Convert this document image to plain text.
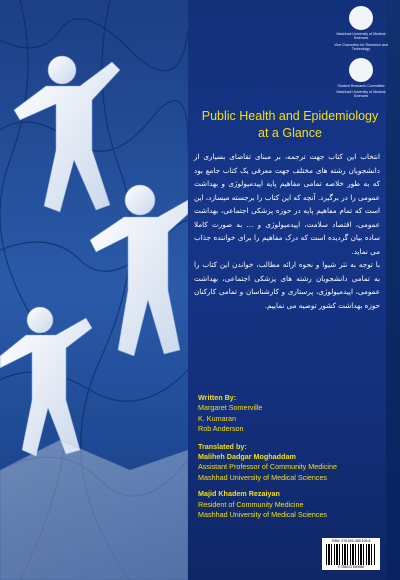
Mashhad University of Medical Sciences
Vice Chancellor for Research and Technology
Student Research Committee
Mashhad University of Medical Sciences
Public Health and Epidemiology
at a Glance

انتخاب این کتاب جهت ترجمه، بر مبنای تقاضای بسیاری از دانشجویان رشته های مختلف جهت معرفی یک کتاب جامع بود که به طور خلاصه تمامی مفاهیم پایه اپیدمیولوژی و بهداشت عمومی را در برگیرد. آنچه که این کتاب را برجسته میسازد، این است که تمام مفاهیم پایه در حوزه پزشکی اجتماعی، بهداشت عمومی، اقتصاد سلامت، اپیدمیولوژی و ... به صورت کاملا ساده بیان گردیده است که درک مفاهیم را برای خواننده جذاب می نماید.

با توجه به نثر شیوا و نحوه ارائه مطالب، خواندن این کتاب را به تمامی دانشجویان رشته های پزشکی اجتماعی، بهداشت عمومی، اپیدمیولوژی، پرستاری و کارشناسان و تمامی کارکنان حوزه بهداشت کشور توصیه می نماییم.

Written By:
Margaret Somerville
K. Kumaran
Rob Anderson
Translated by:
Maliheh Dadgar Moghaddam
Assistant Professor of Community Medicine
Mashhad University of Medical Sciences
Majid Khadem Rezaiyan
Resident of Community Medicine
Mashhad University of Medical Sciences
ISBN: 978-600-389-105-8
9 786003 890986
